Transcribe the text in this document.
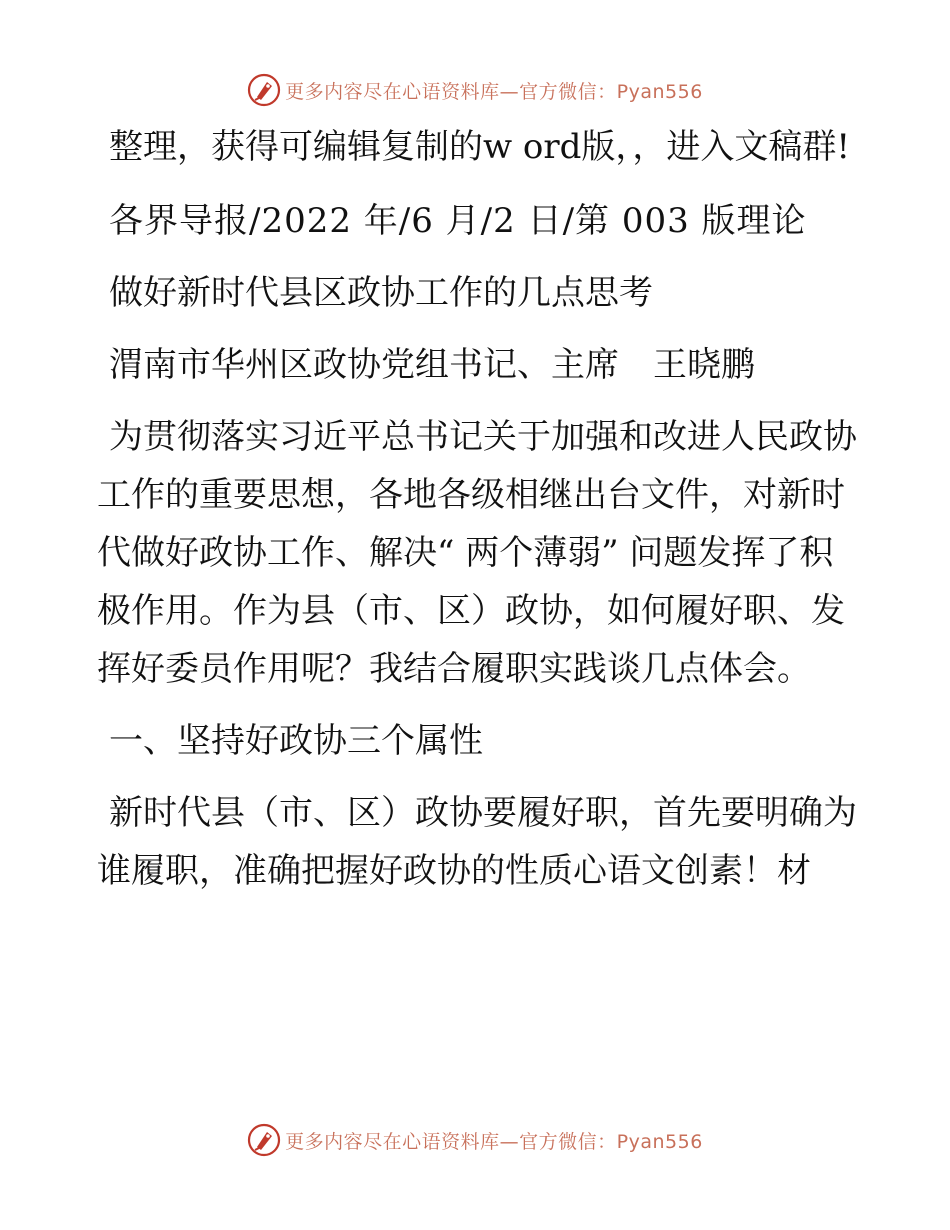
更多内容尽在心语资料库—官方微信：Pyan556

整理，获得可编辑复制的w ord版，，进入文稿群!

各界导报/2022 年/6 月/2 日/第 003 版理论

做好新时代县区政协工作的几点思考

渭南市华州区政协党组书记、主席　王晓鹏

为贯彻落实习近平总书记关于加强和改进人民政协工作的重要思想，各地各级相继出台文件，对新时代做好政协工作、解决“ 两个薄弱” 问题发挥了积极作用。作为县（市、区）政协，如何履好职、发挥好委员作用呢？我结合履职实践谈几点体会。

一、坚持好政协三个属性

新时代县（市、区）政协要履好职，首先要明确为谁履职，准确把握好政协的性质心语文创素！材

更多内容尽在心语资料库—官方微信：Pyan556
